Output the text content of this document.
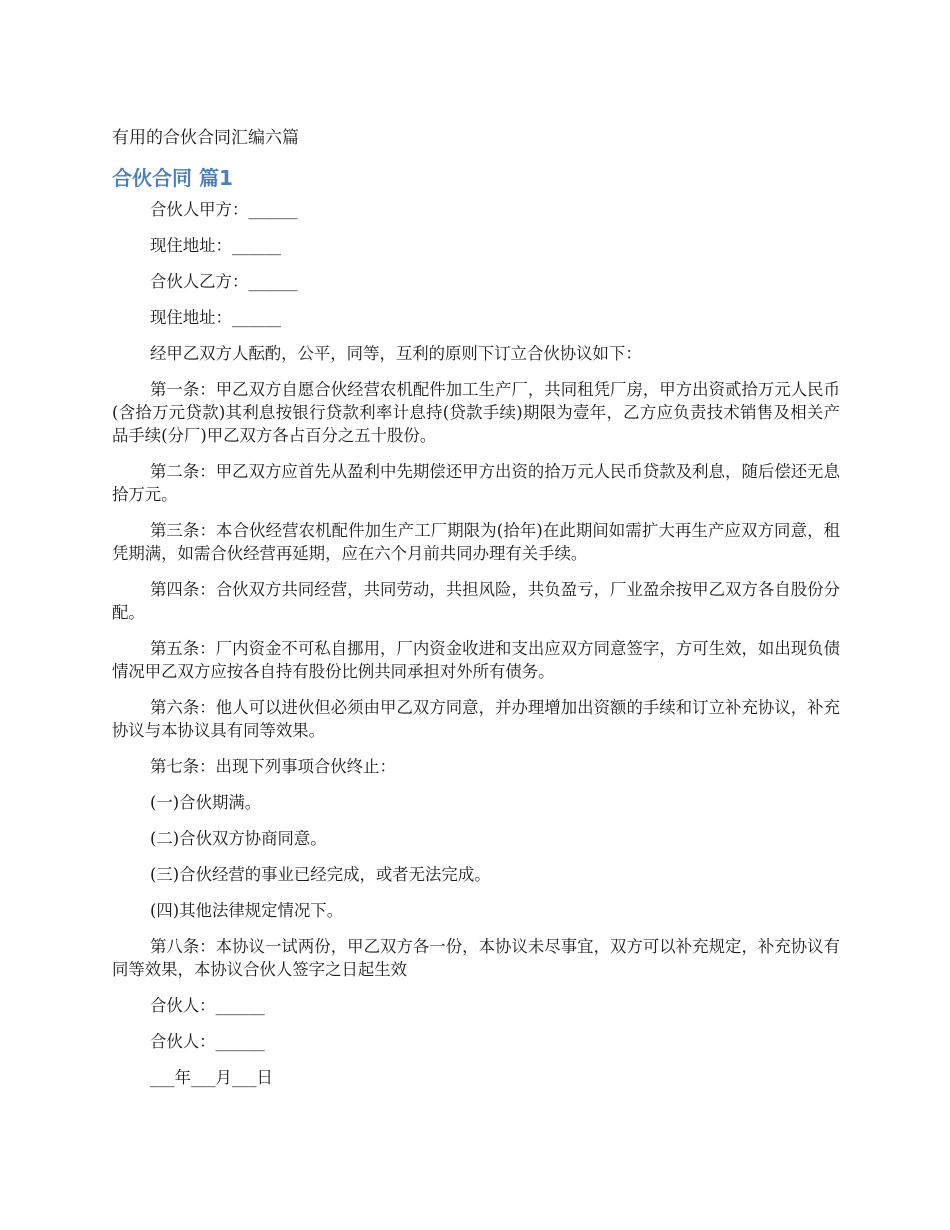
有用的合伙合同汇编六篇
合伙合同 篇1

合伙人甲方：______

现住地址：______

合伙人乙方：______

现住地址：______

经甲乙双方人酝酌，公平，同等，互利的原则下订立合伙协议如下：

第一条：甲乙双方自愿合伙经营农机配件加工生产厂，共同租凭厂房，甲方出资贰拾万元人民币(含拾万元贷款)其利息按银行贷款利率计息持(贷款手续)期限为壹年，乙方应负责技术销售及相关产品手续(分厂)甲乙双方各占百分之五十股份。

第二条：甲乙双方应首先从盈利中先期偿还甲方出资的拾万元人民币贷款及利息，随后偿还无息拾万元。

第三条：本合伙经营农机配件加生产工厂期限为(拾年)在此期间如需扩大再生产应双方同意，租凭期满，如需合伙经营再延期，应在六个月前共同办理有关手续。

第四条：合伙双方共同经营，共同劳动，共担风险，共负盈亏，厂业盈余按甲乙双方各自股份分配。

第五条：厂内资金不可私自挪用，厂内资金收进和支出应双方同意签字，方可生效，如出现负债情况甲乙双方应按各自持有股份比例共同承担对外所有债务。

第六条：他人可以进伙但必须由甲乙双方同意，并办理增加出资额的手续和订立补充协议，补充协议与本协议具有同等效果。

第七条：出现下列事项合伙终止：

(一)合伙期满。

(二)合伙双方协商同意。

(三)合伙经营的事业已经完成，或者无法完成。

(四)其他法律规定情况下。

第八条：本协议一试两份，甲乙双方各一份，本协议未尽事宜，双方可以补充规定，补充协议有同等效果，本协议合伙人签字之日起生效

合伙人：______

合伙人：______

___年___月___日
